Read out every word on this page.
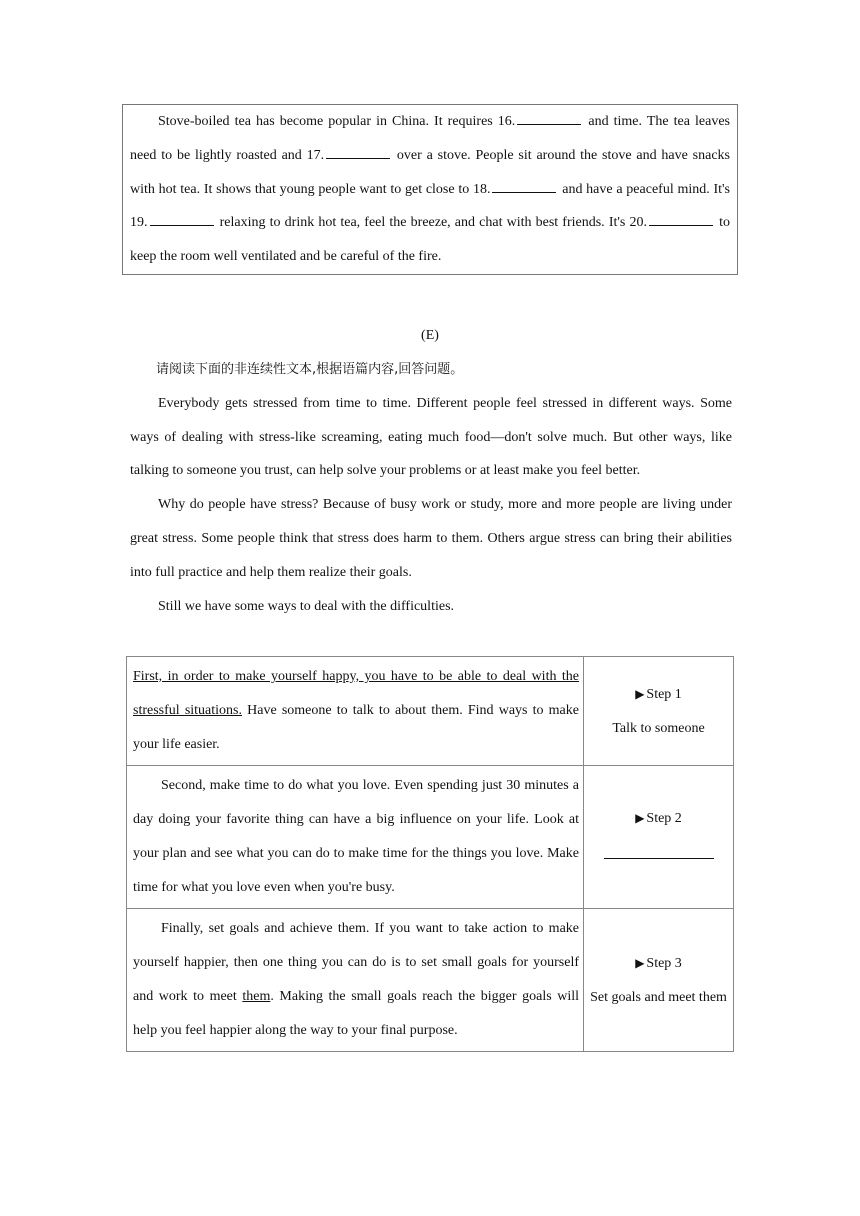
Stove-boiled tea has become popular in China. It requires 16.	and time. The tea leaves need to be lightly roasted and 17.	over a stove. People sit around the stove and have snacks with hot tea. It shows that young people want to get close to 18.	and have a peaceful mind. It's 19.	relaxing to drink hot tea, feel the breeze, and chat with best friends. It's 20.	to keep the room well ventilated and be careful of the fire.

(E)

请阅读下面的非连续性文本,根据语篇内容,回答问题。

Everybody gets stressed from time to time. Different people feel stressed in different ways. Some ways of dealing with stress-like screaming, eating much food—don't solve much. But other ways, like talking to someone you trust, can help solve your problems or at least make you feel better.

Why do people have stress? Because of busy work or study, more and more people are living under great stress. Some people think that stress does harm to them. Others argue stress can bring their abilities into full practice and help them realize their goals.

Still we have some ways to deal with the difficulties.

First, in order to make yourself happy, you have to be able to deal with the stressful situations. Have someone to talk to about them. Find ways to make your life easier.	▶ Step 1
Talk to someone

Second, make time to do what you love. Even spending just 30 minutes a day doing your favorite thing can have a big influence on your life. Look at your plan and see what you can do to make time for the things you love. Make time for what you love even when you're busy.	▶ Step 2

Finally, set goals and achieve them. If you want to take action to make yourself happier, then one thing you can do is to set small goals for yourself and work to meet them. Making the small goals reach the bigger goals will help you feel happier along the way to your final purpose.	▶ Step 3
Set goals and meet them
